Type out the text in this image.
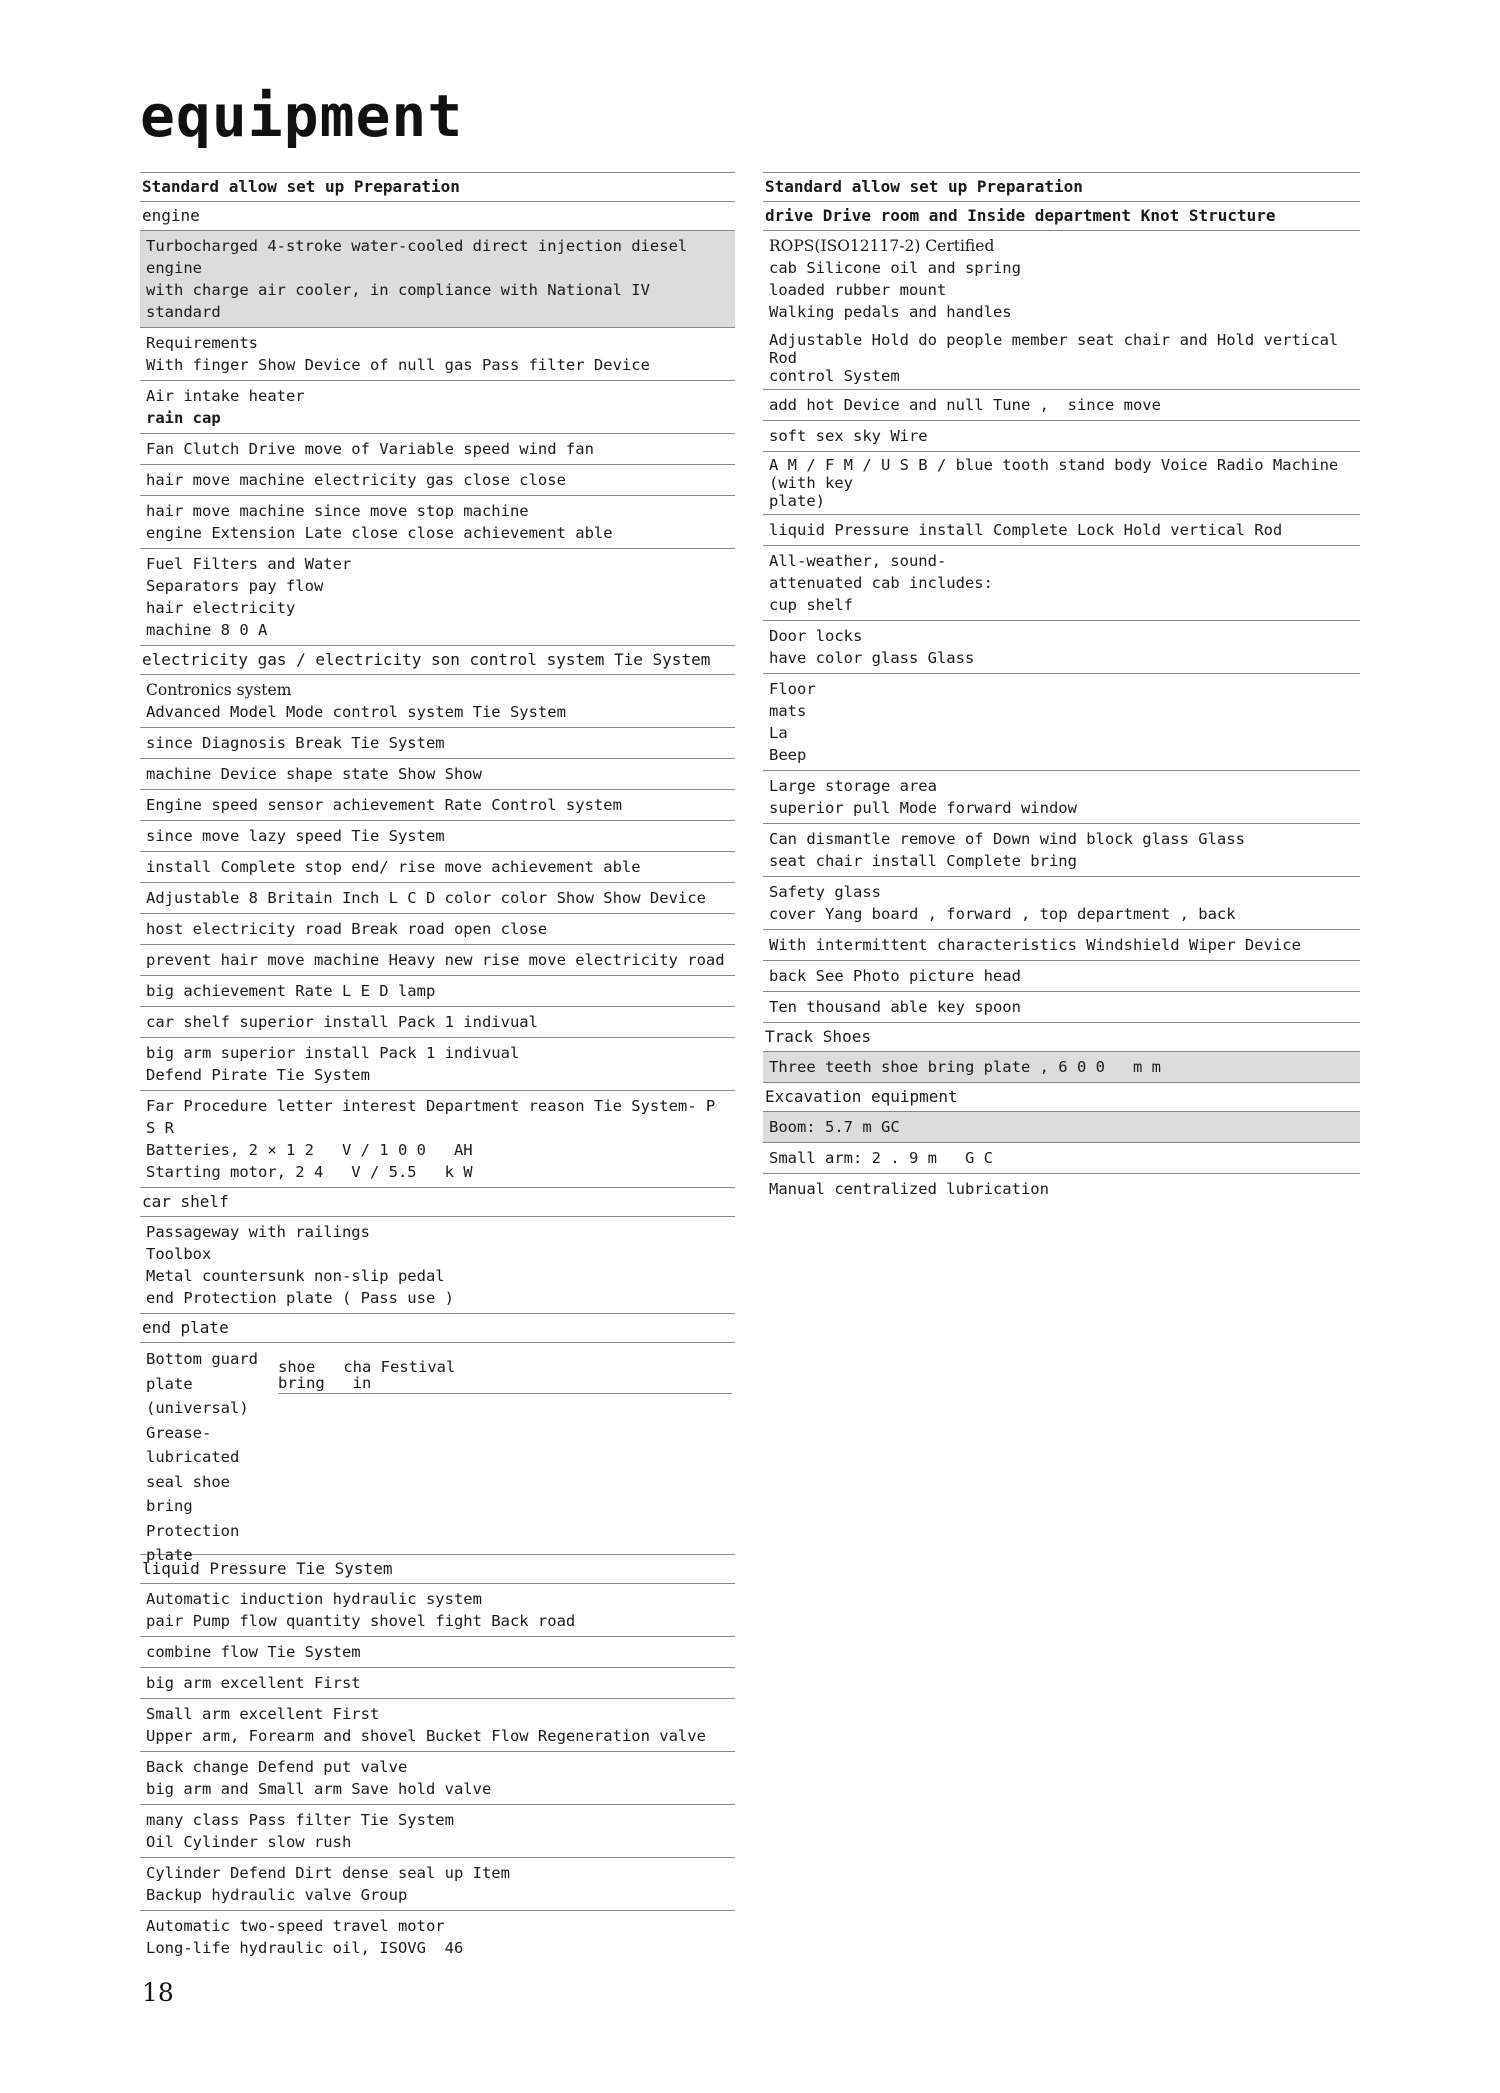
equipment
Standard allow set up Preparation
engine
Turbocharged 4-stroke water-cooled direct injection diesel engine
with charge air cooler, in compliance with National IV standard
Requirements
With finger Show Device of null gas Pass filter Device
Air intake heater
rain cap
Fan Clutch Drive move of Variable speed wind fan
hair move machine electricity gas close close
hair move machine since move stop machine
engine Extension Late close close achievement able
Fuel Filters and Water
Separators pay flow
hair electricity
machine 8 0 A
electricity gas / electricity son control system Tie System
Contronics system
Advanced Model Mode control system Tie System
since Diagnosis Break Tie System
machine Device shape state Show Show
Engine speed sensor achievement Rate Control system
since move lazy speed Tie System
install Complete stop end/ rise move achievement able
Adjustable 8 Britain Inch L C D color color Show Show Device
host electricity road Break road open close
prevent hair move machine Heavy new rise move electricity road
big achievement Rate L E D lamp
car shelf superior install Pack 1 indivual
big arm superior install Pack 1 indivual
Defend Pirate Tie System
Far Procedure letter interest Department reason Tie System- P S R
Batteries, 2 × 1 2   V / 1 0 0   AH
Starting motor, 2 4   V / 5.5   k W
car shelf
Passageway with railings
Toolbox
Metal countersunk non-slip pedal
end Protection plate ( Pass use )
end plate
Bottom guard
plate
(universal)
Grease-
lubricated
seal shoe
bring
Protection
plate
shoe cha Festival
bring in
liquid Pressure Tie System
Automatic induction hydraulic system
pair Pump flow quantity shovel fight Back road
combine flow Tie System
big arm excellent First
Small arm excellent First
Upper arm, Forearm and shovel Bucket Flow Regeneration valve
Back change Defend put valve
big arm and Small arm Save hold valve
many class Pass filter Tie System
Oil Cylinder slow rush
Cylinder Defend Dirt dense seal up Item
Backup hydraulic valve Group
Automatic two-speed travel motor
Long-life hydraulic oil, ISOVG  46
Standard allow set up Preparation
drive Drive room and Inside department Knot Structure
ROPS(ISO12117-2) Certified
cab Silicone oil and spring
loaded rubber mount
Walking pedals and handles
Adjustable Hold do people member seat chair and Hold vertical Rod
control System
add hot Device and null Tune ,  since move
soft sex sky Wire
A M / F M / U S B / blue tooth stand body Voice Radio Machine (with key
plate)
liquid Pressure install Complete Lock Hold vertical Rod
All-weather, sound-
attenuated cab includes:
cup shelf
Door locks
have color glass Glass
Floor
mats
La
Beep
Large storage area
superior pull Mode forward window
Can dismantle remove of Down wind block glass Glass
seat chair install Complete bring
Safety glass
cover Yang board , forward , top department , back
With intermittent characteristics Windshield Wiper Device
back See Photo picture head
Ten thousand able key spoon
Track Shoes
Three teeth shoe bring plate , 6 0 0   m m
Excavation equipment
Boom: 5.7 m GC
Small arm: 2 . 9 m   G C
Manual centralized lubrication
18
